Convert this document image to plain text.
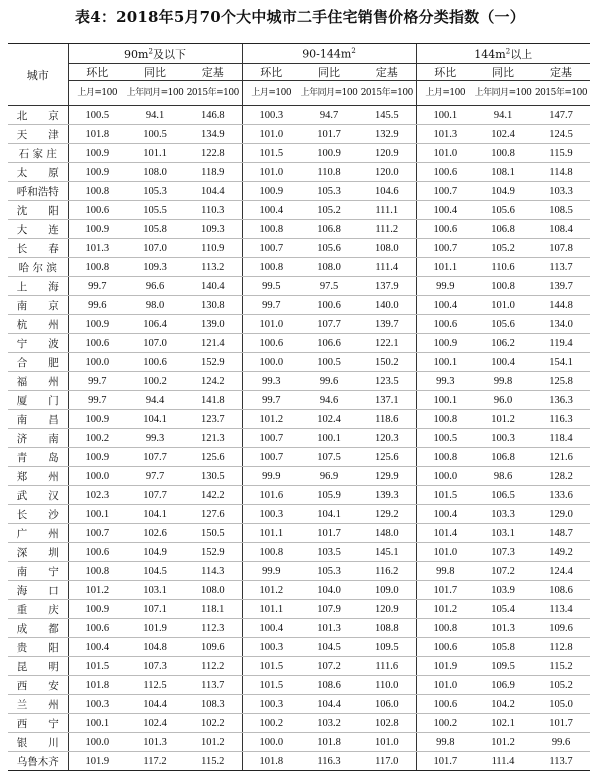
表4：2018年5月70个大中城市二手住宅销售价格分类指数（一）
城市	$90m^2$及以下			$90-144m^2$			$144m^2$以上		
	环比	同比	定基	环比	同比	定基	环比	同比	定基
	上月=100	上年同月=100	2015年=100	上月=100	上年同月=100	2015年=100	上月=100	上年同月=100	2015年=100
北　　京	100.5	94.1	146.8	100.3	94.7	145.5	100.1	94.1	147.7
天　　津	101.8	100.5	134.9	101.0	101.7	132.9	101.3	102.4	124.5
石 家 庄	100.9	101.1	122.8	101.5	100.9	120.9	101.0	100.8	115.9
太　　原	100.9	108.0	118.9	101.0	110.8	120.0	100.6	108.1	114.8
呼和浩特	100.8	105.3	104.4	100.9	105.3	104.6	100.7	104.9	103.3
沈　　阳	100.6	105.5	110.3	100.4	105.2	111.1	100.4	105.6	108.5
大　　连	100.9	105.8	109.3	100.8	106.8	111.2	100.6	106.8	108.4
长　　春	101.3	107.0	110.9	100.7	105.6	108.0	100.7	105.2	107.8
哈 尔 滨	100.8	109.3	113.2	100.8	108.0	111.4	101.1	110.6	113.7
上　　海	99.7	96.6	140.4	99.5	97.5	137.9	99.9	100.8	139.7
南　　京	99.6	98.0	130.8	99.7	100.6	140.0	100.4	101.0	144.8
杭　　州	100.9	106.4	139.0	101.0	107.7	139.7	100.6	105.6	134.0
宁　　波	100.6	107.0	121.4	100.6	106.6	122.1	100.9	106.2	119.4
合　　肥	100.0	100.6	152.9	100.0	100.5	150.2	100.1	100.4	154.1
福　　州	99.7	100.2	124.2	99.3	99.6	123.5	99.3	99.8	125.8
厦　　门	99.7	94.4	141.8	99.7	94.6	137.1	100.1	96.0	136.3
南　　昌	100.9	104.1	123.7	101.2	102.4	118.6	100.8	101.2	116.3
济　　南	100.2	99.3	121.3	100.7	100.1	120.3	100.5	100.3	118.4
青　　岛	100.9	107.7	125.6	100.7	107.5	125.6	100.8	106.8	121.6
郑　　州	100.0	97.7	130.5	99.9	96.9	129.9	100.0	98.6	128.2
武　　汉	102.3	107.7	142.2	101.6	105.9	139.3	101.5	106.5	133.6
长　　沙	100.1	104.1	127.6	100.3	104.1	129.2	100.4	103.3	129.0
广　　州	100.7	102.6	150.5	101.1	101.7	148.0	101.4	103.1	148.7
深　　圳	100.6	104.9	152.9	100.8	103.5	145.1	101.0	107.3	149.2
南　　宁	100.8	104.5	114.3	99.9	105.3	116.2	99.8	107.2	124.4
海　　口	101.2	103.1	108.0	101.2	104.0	109.0	101.7	103.9	108.6
重　　庆	100.9	107.1	118.1	101.1	107.9	120.9	101.2	105.4	113.4
成　　都	100.6	101.9	112.3	100.4	101.3	108.8	100.8	101.3	109.6
贵　　阳	100.4	104.8	109.6	100.3	104.5	109.5	100.6	105.8	112.8
昆　　明	101.5	107.3	112.2	101.5	107.2	111.6	101.9	109.5	115.2
西　　安	101.8	112.5	113.7	101.5	108.6	110.0	101.0	106.9	105.2
兰　　州	100.3	104.4	108.3	100.3	104.4	106.0	100.6	104.2	105.0
西　　宁	100.1	102.4	102.2	100.2	103.2	102.8	100.2	102.1	101.7
银　　川	100.0	101.3	101.2	100.0	101.8	101.0	99.8	101.2	99.6
乌鲁木齐	101.9	117.2	115.2	101.8	116.3	117.0	101.7	111.4	113.7
